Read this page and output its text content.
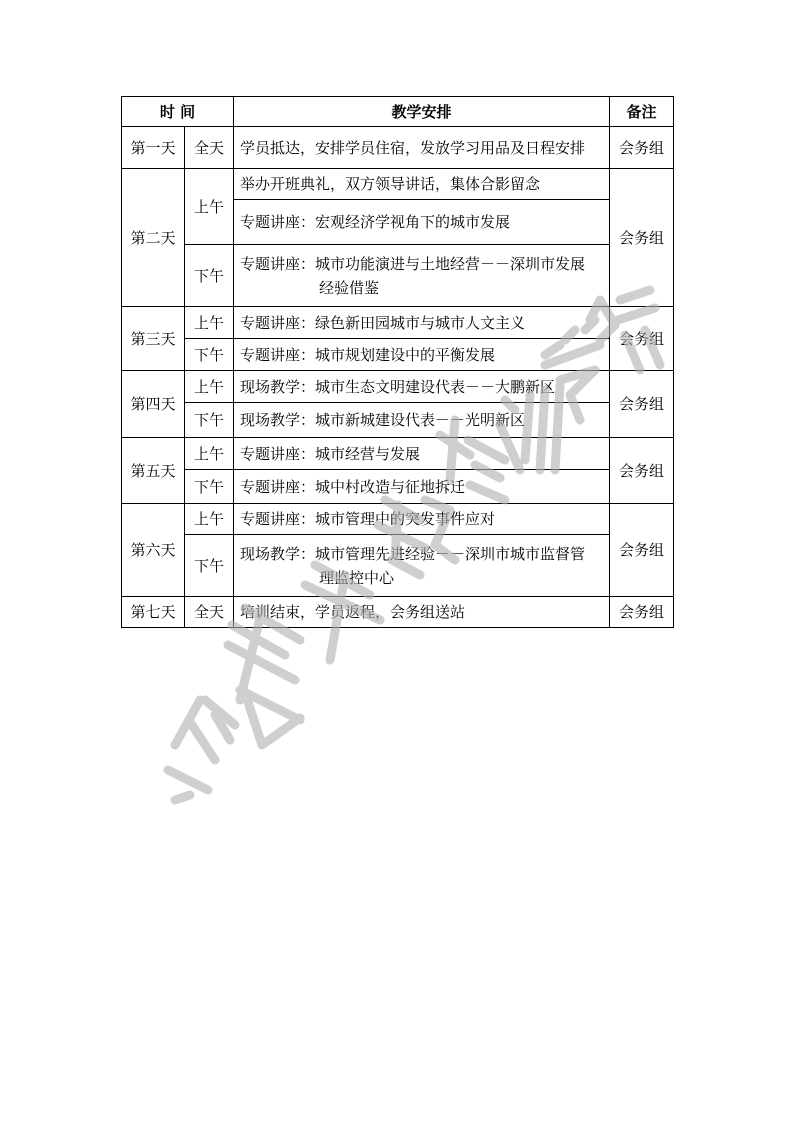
时 间		教学安排	备注
第一天	全天	学员抵达，安排学员住宿，发放学习用品及日程安排	会务组
第二天	上午	举办开班典礼，双方领导讲话，集体合影留念	会务组
		专题讲座：宏观经济学视角下的城市发展	
	下午	专题讲座：城市功能演进与土地经营－－深圳市发展
经验借鉴	

第三天	上午	专题讲座：绿色新田园城市与城市人文主义	会务组
	下午	专题讲座：城市规划建设中的平衡发展	
第四天	上午	现场教学：城市生态文明建设代表－－大鹏新区	会务组
	下午	现场教学：城市新城建设代表－－光明新区	
第五天	上午	专题讲座：城市经营与发展	会务组
	下午	专题讲座：城中村改造与征地拆迁	
第六天	上午	专题讲座：城市管理中的突发事件应对	会务组
	下午	现场教学：城市管理先进经验－－深圳市城市监督管
理监控中心	

第七天	全天	培训结束，学员返程，会务组送站	会务组
